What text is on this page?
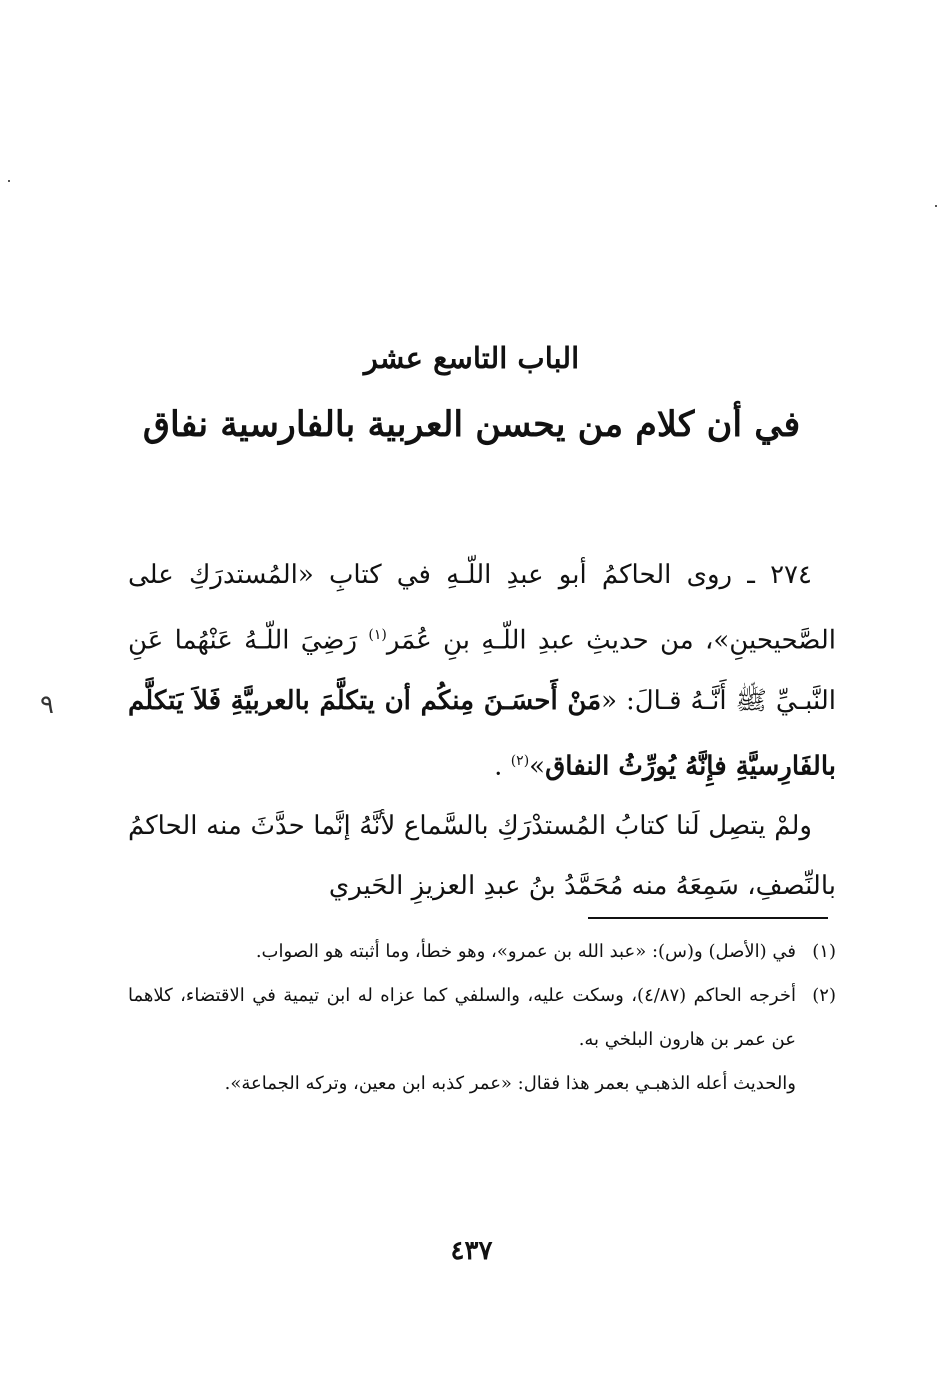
الباب التاسع عشر
في أن كلام من يحسن العربية بالفارسية نفاق

٢٧٤ ـ روى الحاكمُ أبو عبدِ اللّـهِ في كتابِ «المُستدرَكِ على الصَّحيحينِ»، من حديثِ عبدِ اللّـهِ بنِ عُمَر$^{(١)}$ رَضِيَ اللّـهُ عَنْهُما عَنِ النَّبـيِّ ﷺ أَنَّـهُ قـالَ: «مَنْ أَحسَـنَ مِنكُم أن يتكلَّمَ بالعربيَّةِ فَلاَ يَتكلَّم بالفَارِسيَّةِ فإِنَّهُ يُورِّثُ النفاق»$^{(٢)}$ .

ولمْ يتصِل لَنا كتابُ المُستدْرَكِ بالسَّماع لأنَّهُ إنَّما حدَّثَ منه الحاكمُ بالنِّصفِ، سَمِعَهُ منه مُحَمَّدُ بنُ عبدِ العزيزِ الحَيري

(١)
في (الأصل) و(س): «عبد الله بن عمرو»، وهو خطأ، وما أثبته هو الصواب.
(٢)
أخرجه الحاكم (٤/٨٧)، وسكت عليه، والسلفي كما عزاه له ابن تيمية في الاقتضاء، كلاهما عن عمر بن هارون البلخي به.

والحديث أعله الذهبـي بعمر هذا فقال: «عمر كذبه ابن معين، وتركه الجماعة».

٤٣٧
٩
